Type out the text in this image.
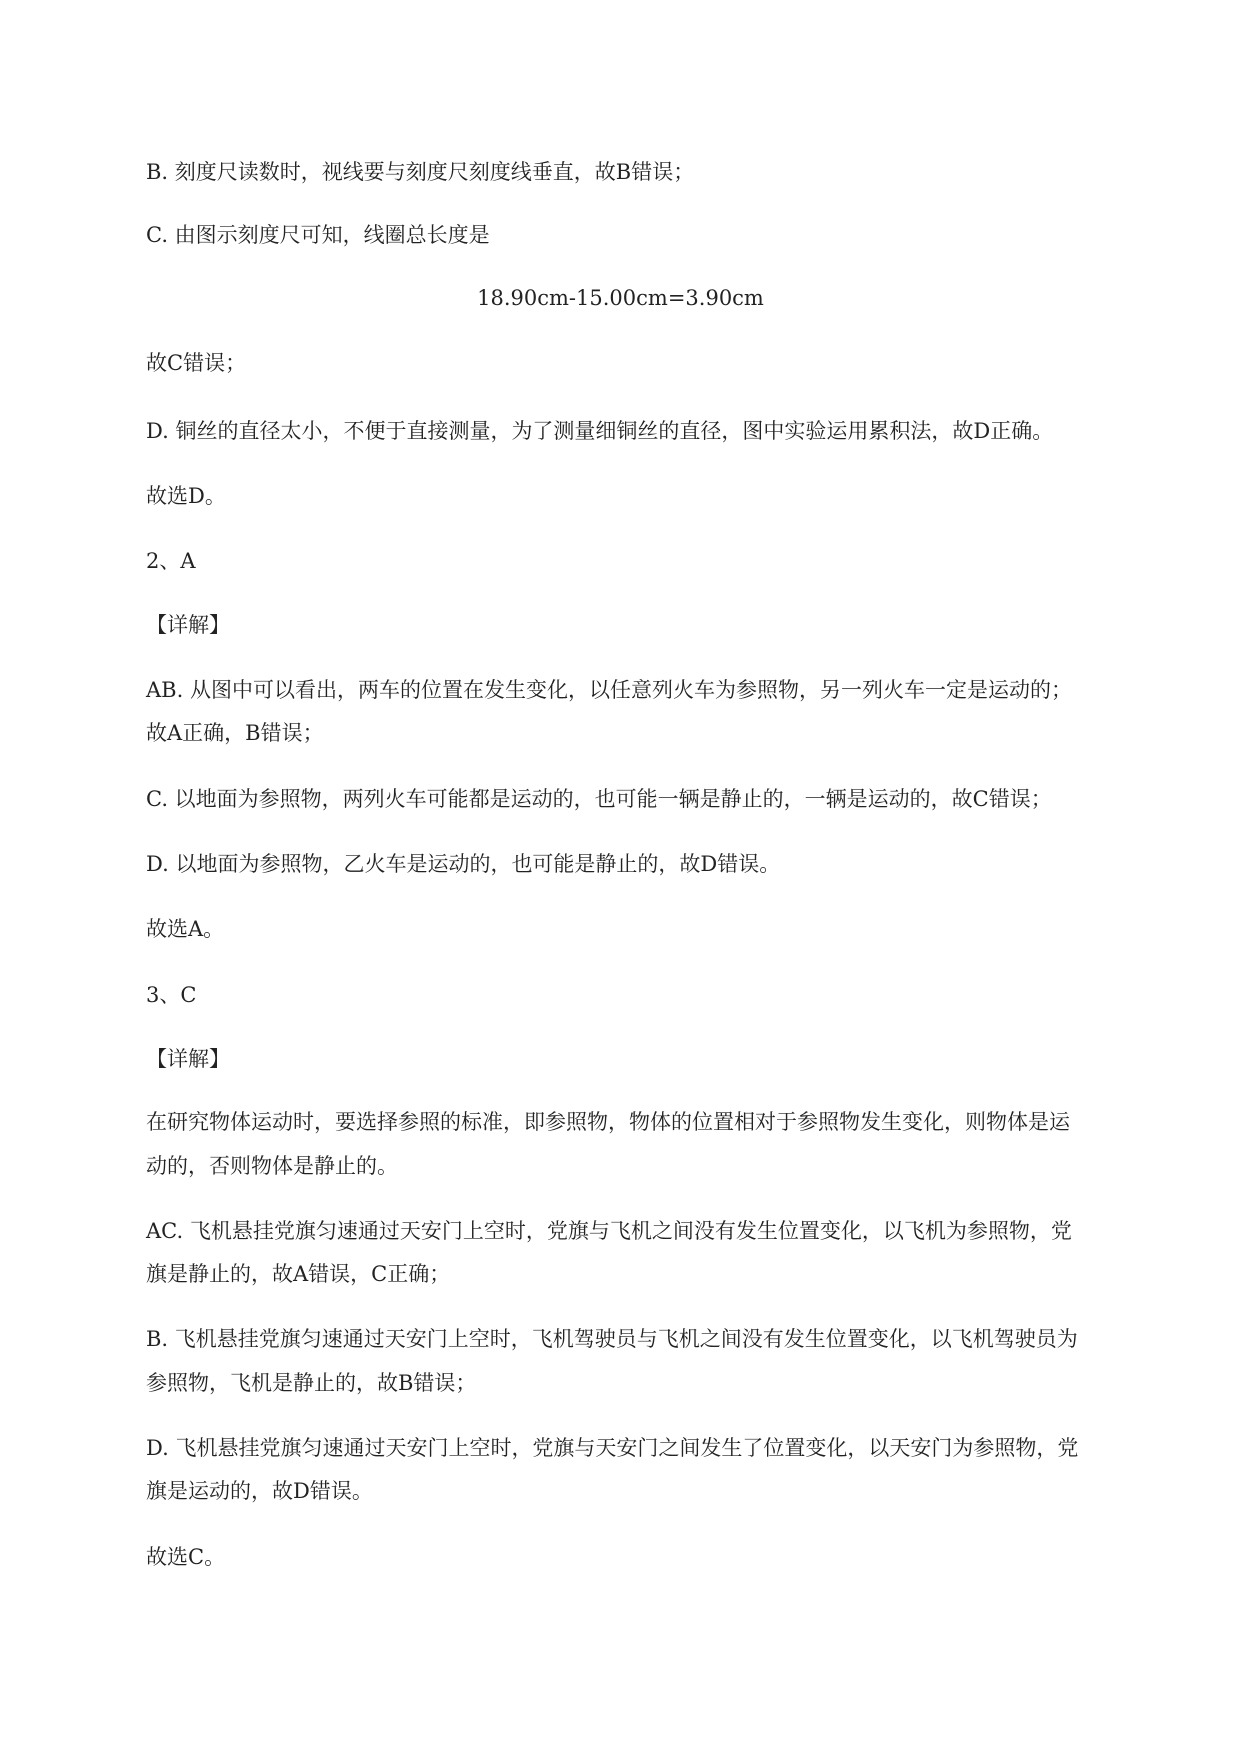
B. 刻度尺读数时，视线要与刻度尺刻度线垂直，故B错误；
C. 由图示刻度尺可知，线圈总长度是
18.90cm-15.00cm=3.90cm
故C错误；
D. 铜丝的直径太小，不便于直接测量，为了测量细铜丝的直径，图中实验运用累积法，故D正确。
故选D。
2、A
【详解】
AB. 从图中可以看出，两车的位置在发生变化，以任意列火车为参照物，另一列火车一定是运动的；
故A正确，B错误；
C. 以地面为参照物，两列火车可能都是运动的，也可能一辆是静止的，一辆是运动的，故C错误；
D. 以地面为参照物，乙火车是运动的，也可能是静止的，故D错误。
故选A。
3、C
【详解】
在研究物体运动时，要选择参照的标准，即参照物，物体的位置相对于参照物发生变化，则物体是运
动的，否则物体是静止的。
AC. 飞机悬挂党旗匀速通过天安门上空时，党旗与飞机之间没有发生位置变化，以飞机为参照物，党
旗是静止的，故A错误，C正确；
B. 飞机悬挂党旗匀速通过天安门上空时，飞机驾驶员与飞机之间没有发生位置变化，以飞机驾驶员为
参照物，飞机是静止的，故B错误；
D. 飞机悬挂党旗匀速通过天安门上空时，党旗与天安门之间发生了位置变化，以天安门为参照物，党
旗是运动的，故D错误。
故选C。
